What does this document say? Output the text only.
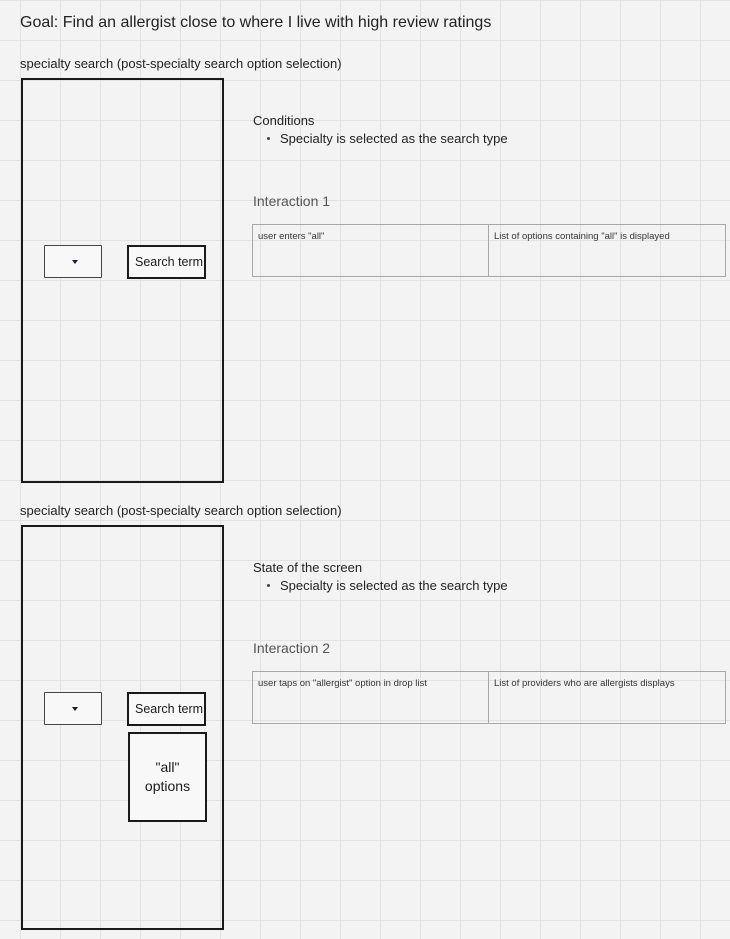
Goal: Find an allergist close to where I live with high review ratings
specialty search (post-specialty search option selection)
Search term
Conditions
Specialty is selected as the search type
Interaction 1
user enters "all"	List of options containing "all" is displayed
specialty search (post-specialty search option selection)
Search term
"all"
options
State of the screen
Specialty is selected as the search type
Interaction 2
user taps on "allergist" option in drop list	List of providers who are allergists displays
